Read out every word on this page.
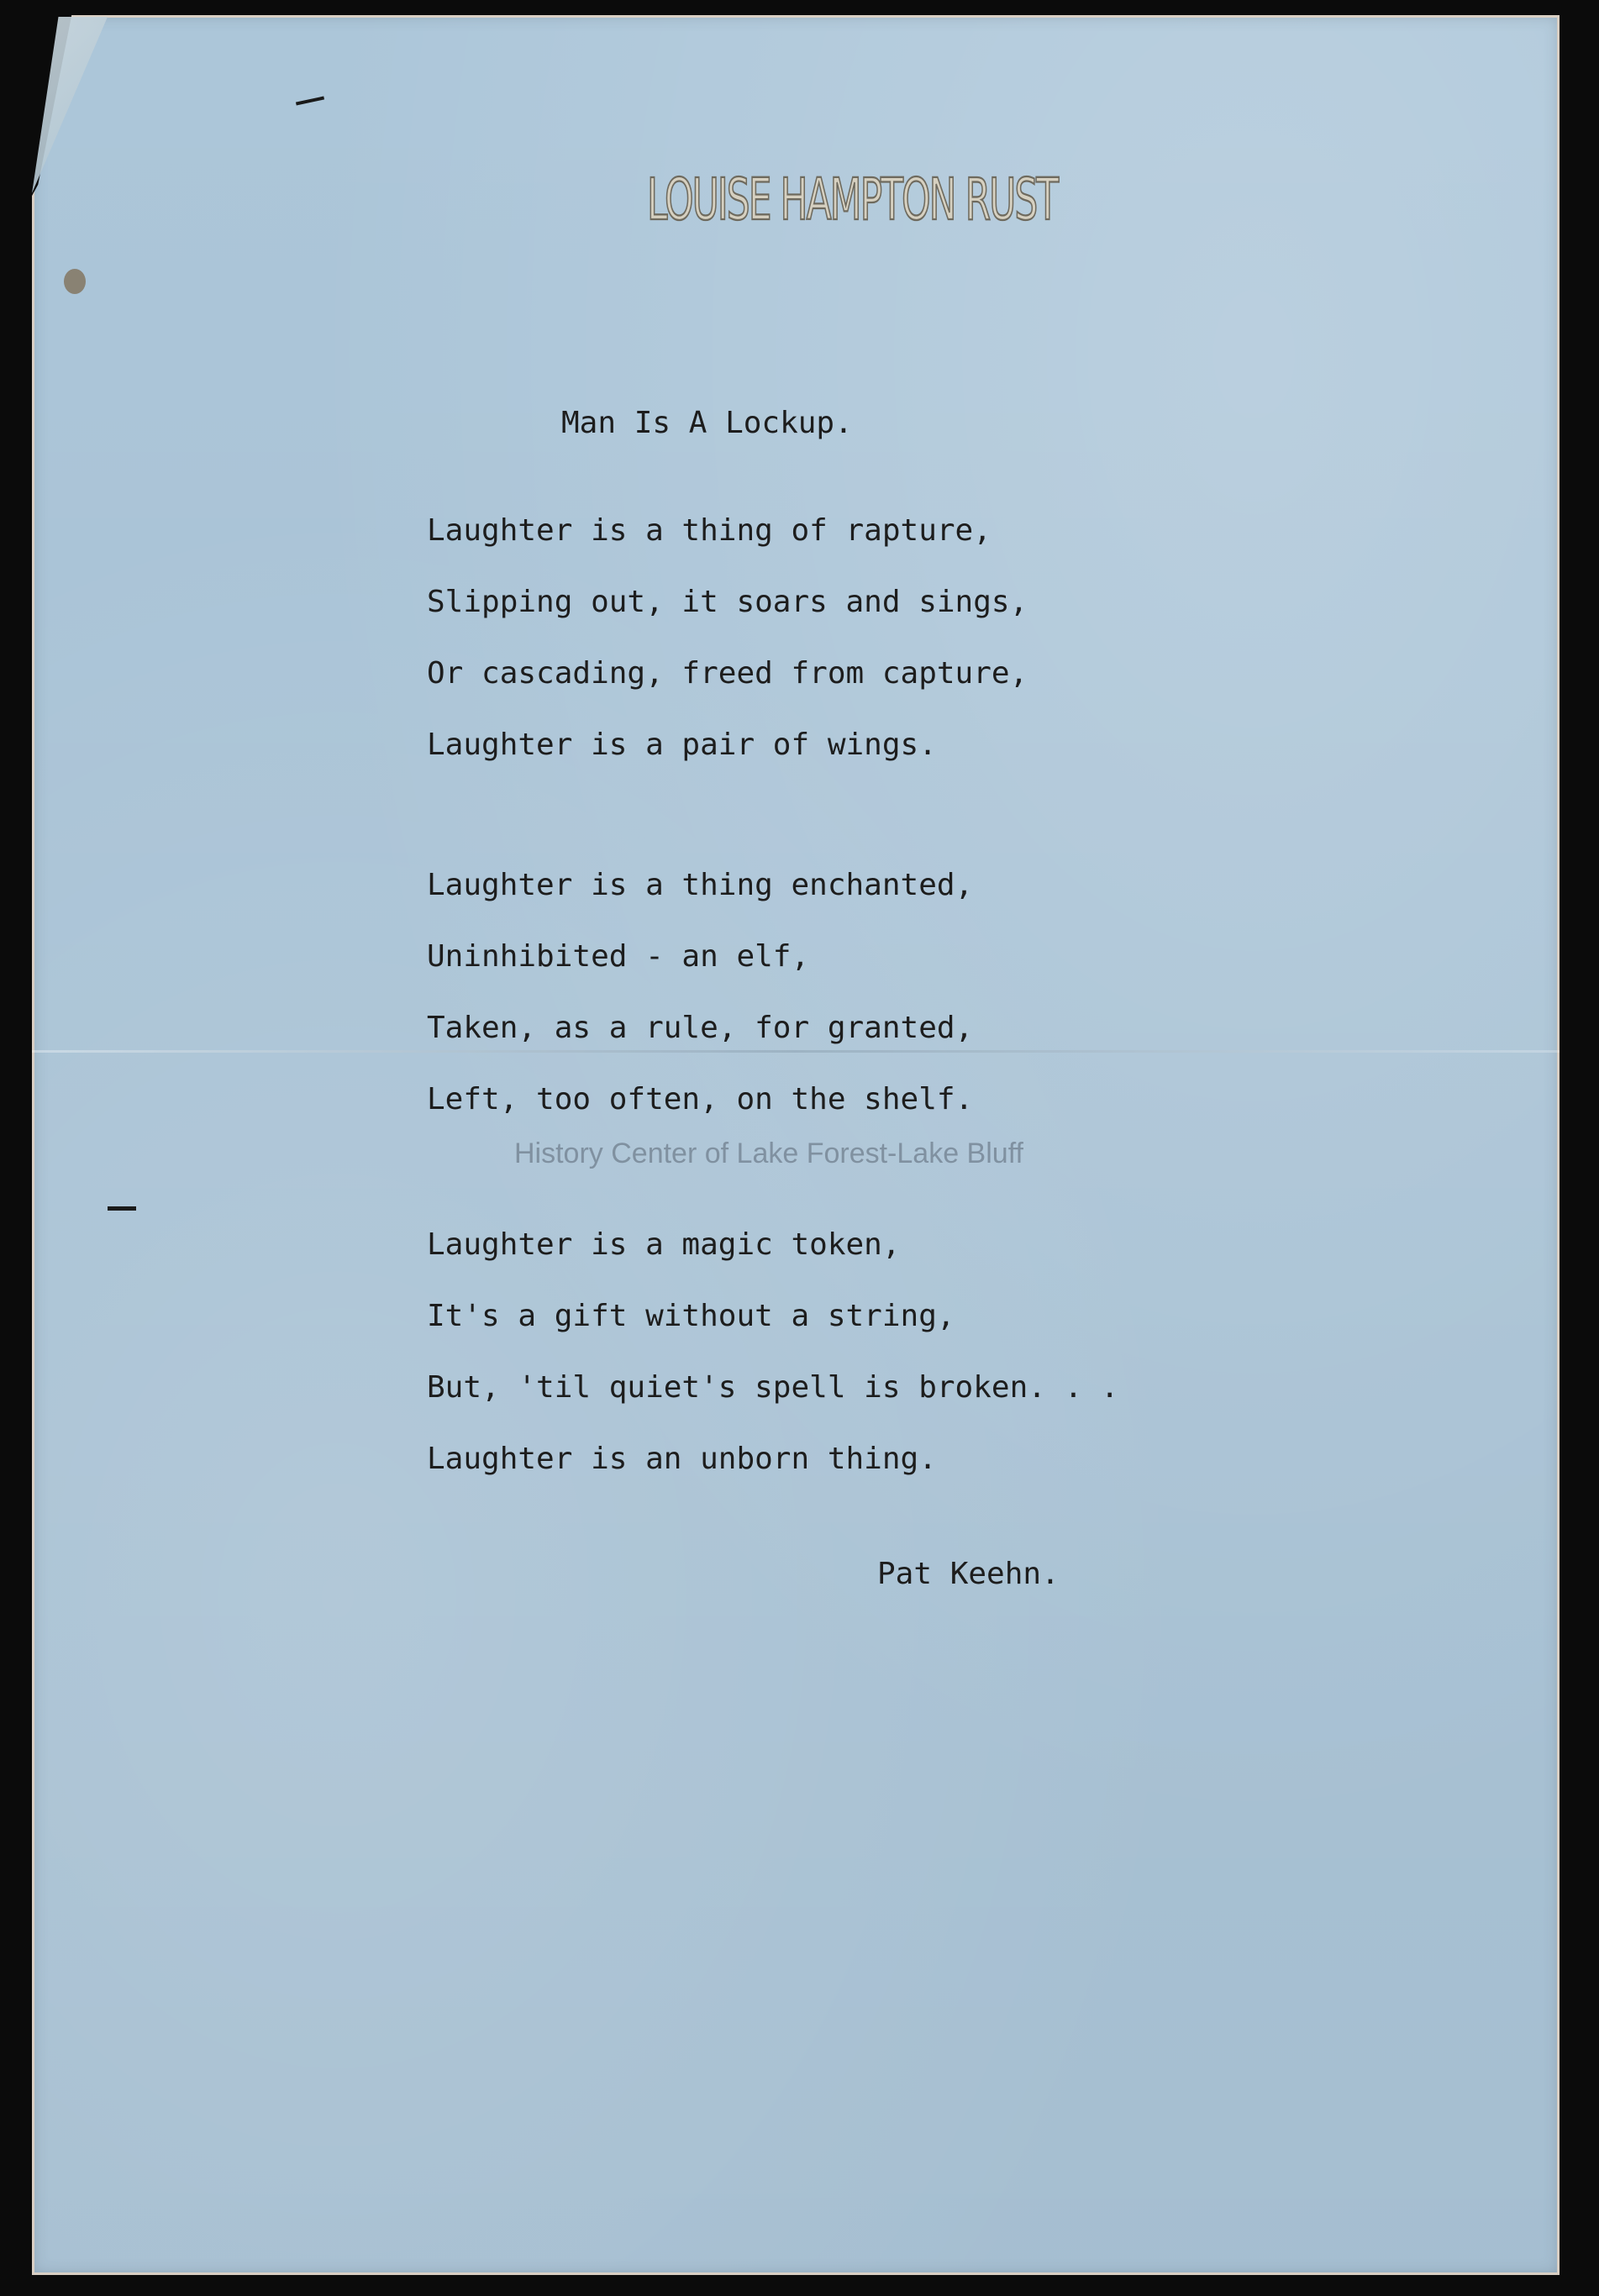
LOUISE HAMPTON RUST
Man Is A Lockup.
Laughter is a thing of rapture,
Slipping out, it soars and sings,
Or cascading, freed from capture,
Laughter is a pair of wings.
Laughter is a thing enchanted,
Uninhibited - an elf,
Taken, as a rule, for granted,
Left, too often, on the shelf.
History Center of Lake Forest-Lake Bluff
Laughter is a magic token,
It's a gift without a string,
But, 'til quiet's spell is broken. . .
Laughter is an unborn thing.
Pat Keehn.
